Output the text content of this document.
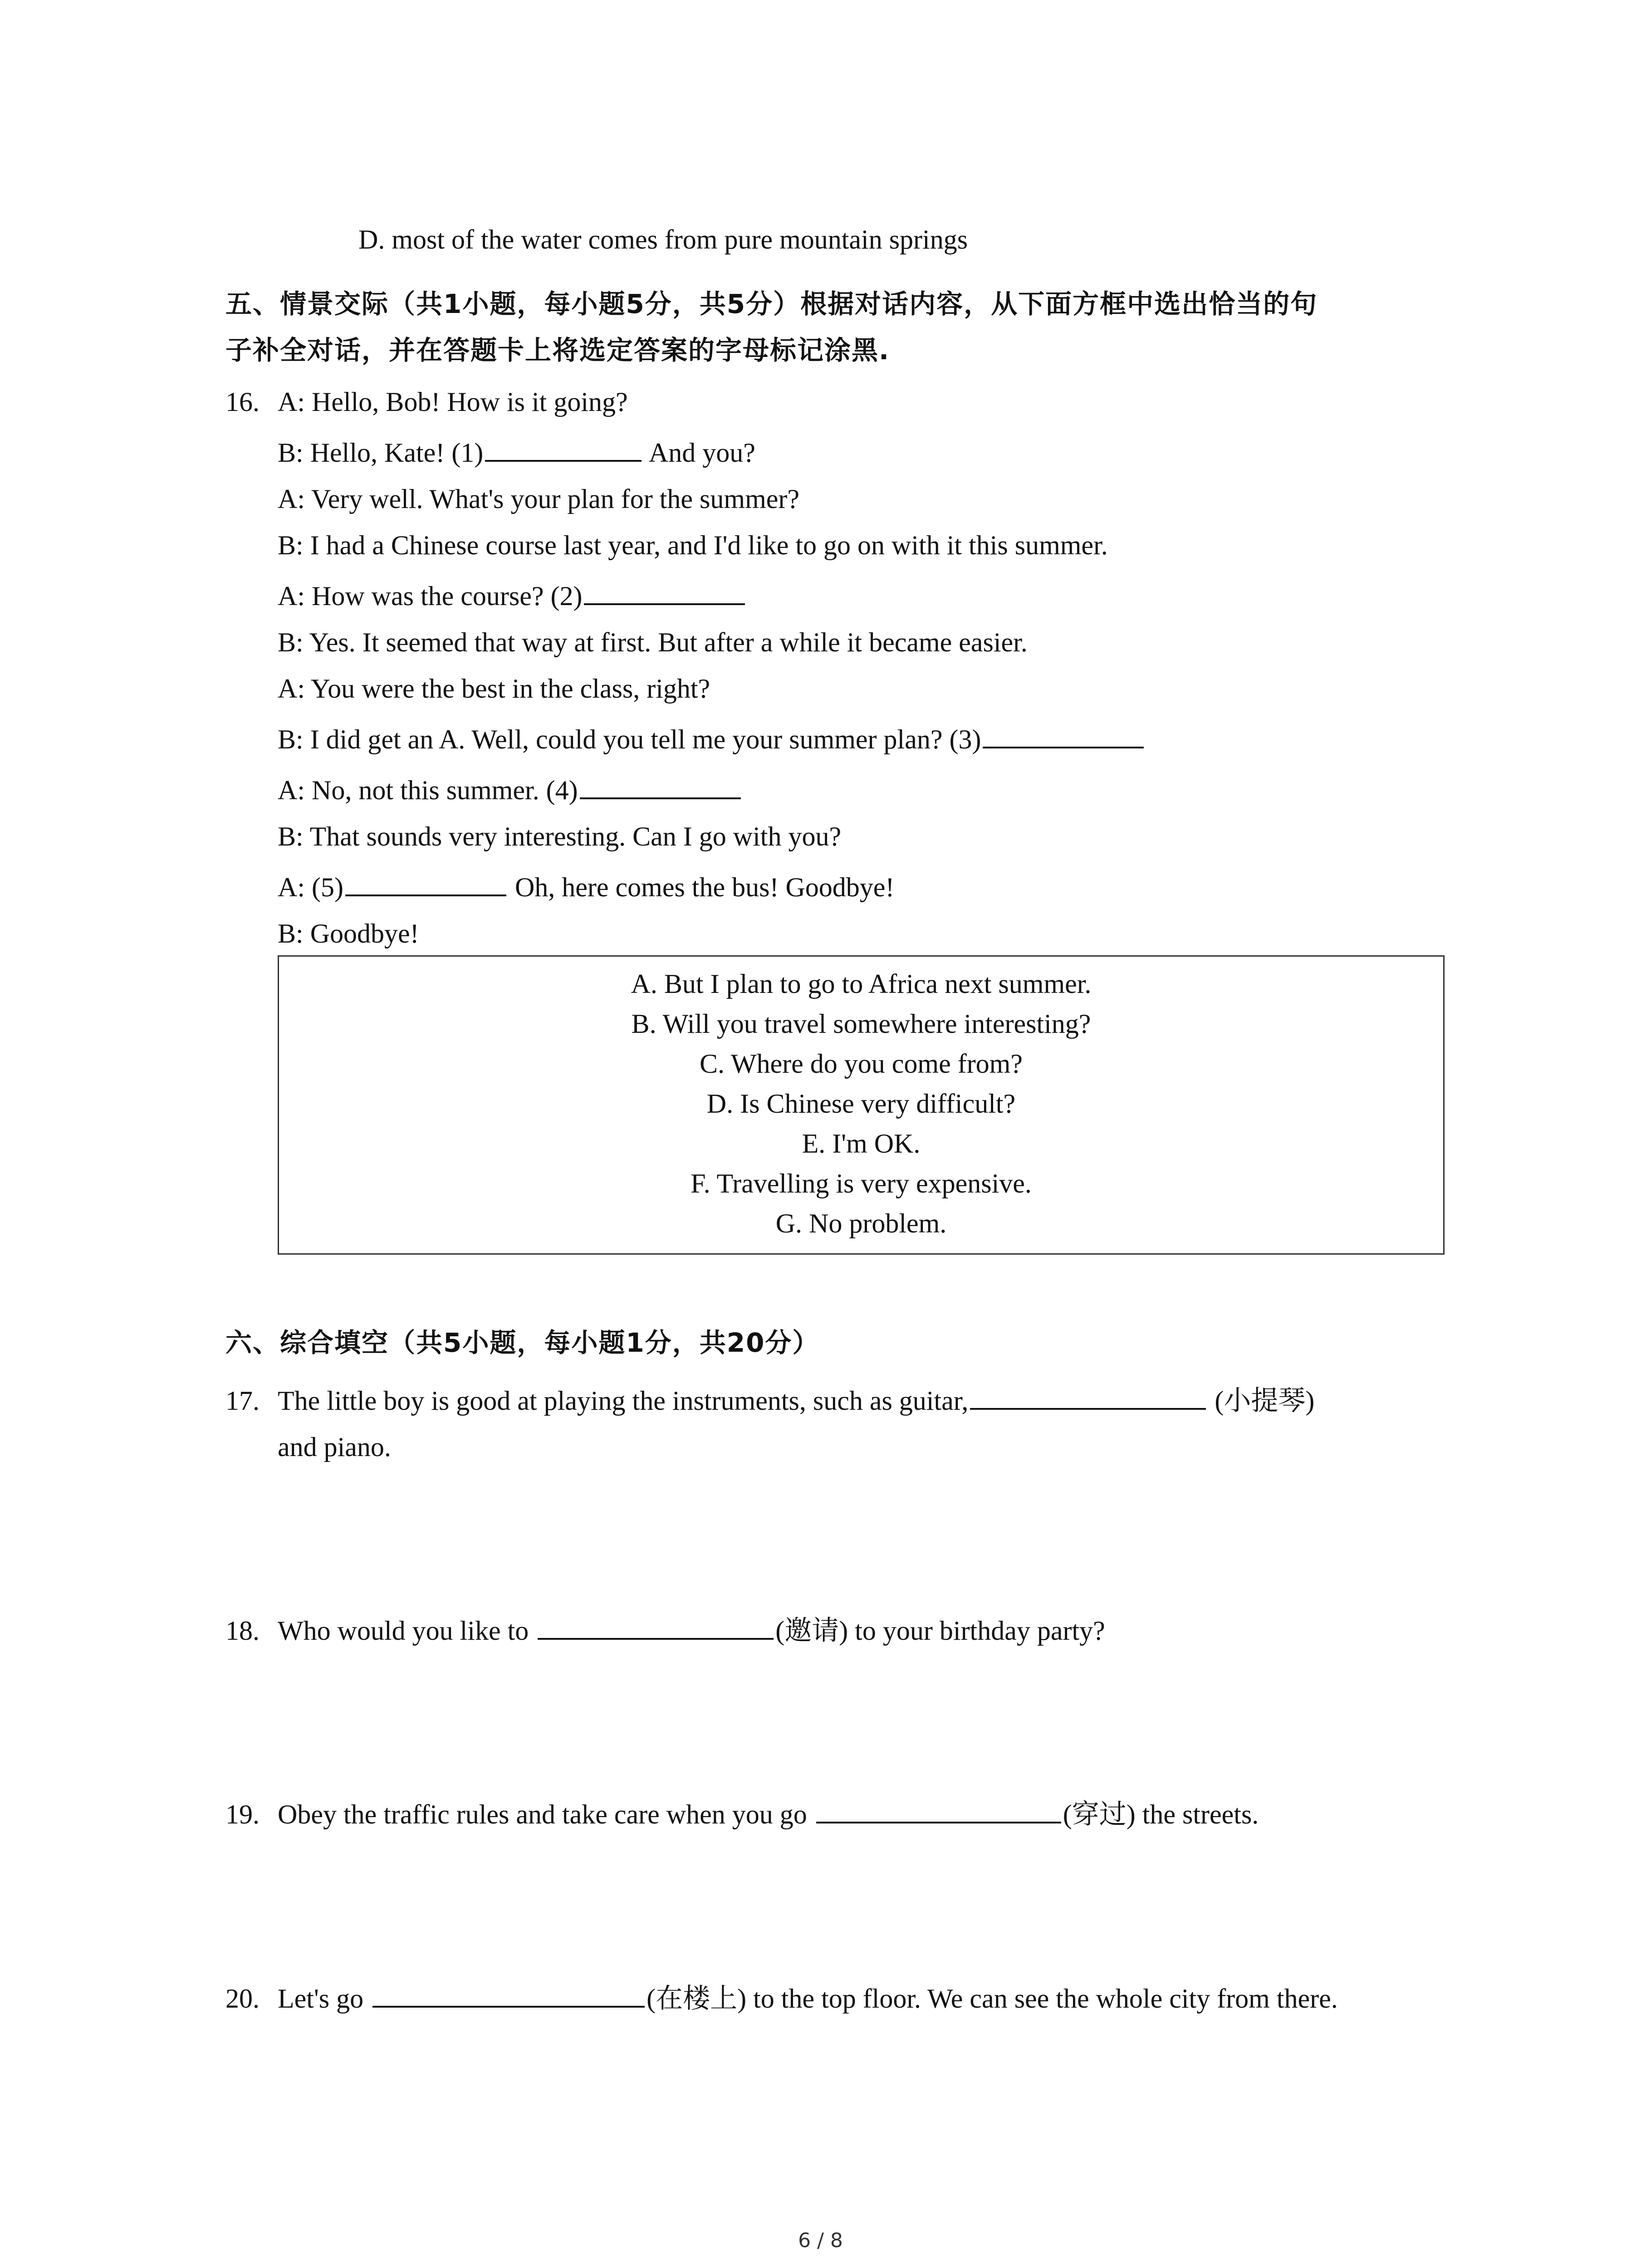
D. most of the water comes from pure mountain springs
五、情景交际（共1小题，每小题5分，共5分）根据对话内容，从下面方框中选出恰当的句
子补全对话，并在答题卡上将选定答案的字母标记涂黑.
16. A: Hello, Bob! How is it going?
B: Hello, Kate! (1)	And you?
A: Very well. What's your plan for the summer?
B: I had a Chinese course last year, and I'd like to go on with it this summer.
A: How was the course? (2)
B: Yes. It seemed that way at first. But after a while it became easier.
A: You were the best in the class, right?
B: I did get an A. Well, could you tell me your summer plan? (3)
A: No, not this summer. (4)
B: That sounds very interesting. Can I go with you?
A: (5)	Oh, here comes the bus! Goodbye!
B: Goodbye!
A. But I plan to go to Africa next summer.
B. Will you travel somewhere interesting?
C. Where do you come from?
D. Is Chinese very difficult?
E. I'm OK.
F. Travelling is very expensive.
G. No problem.
六、综合填空（共5小题，每小题1分，共20分）
17. The little boy is good at playing the instruments, such as guitar,	(小提琴)
and piano.
18. Who would you like to	(邀请) to your birthday party?
19. Obey the traffic rules and take care when you go	(穿过) the streets.
20. Let's go	(在楼上) to the top floor. We can see the whole city from there.
6 / 8
